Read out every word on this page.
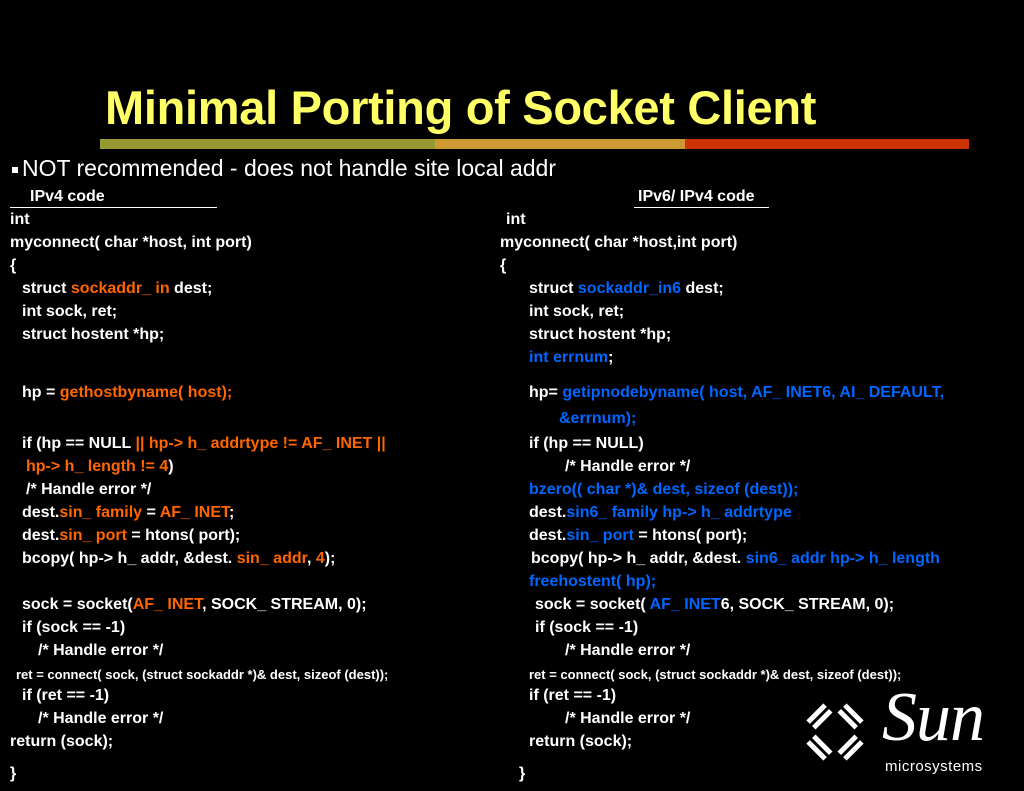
Minimal Porting of Socket Client
NOT recommended - does not handle site local addr
IPv4 code	IPv6/ IPv4 code
int
myconnect( char *host, int port)
{
struct sockaddr_ in dest;
int sock, ret;
struct hostent *hp;
hp = gethostbyname( host);
if (hp == NULL || hp-> h_ addrtype != AF_ INET ||
hp-> h_ length != 4)
/* Handle error */
dest.sin_ family = AF_ INET;
dest.sin_ port = htons( port);
bcopy( hp-> h_ addr, &dest. sin_ addr, 4);
sock = socket(AF_ INET, SOCK_ STREAM, 0);
if (sock == -1)
/* Handle error */
ret = connect( sock, (struct sockaddr *)& dest, sizeof (dest));
if (ret == -1)
/* Handle error */
return (sock);
}
int
myconnect( char *host,int port)
{
struct sockaddr_in6 dest;
int sock, ret;
struct hostent *hp;
int errnum;
hp= getipnodebyname( host, AF_ INET6, AI_ DEFAULT,
&errnum);
if (hp == NULL)
/* Handle error */
bzero(( char *)& dest, sizeof (dest));
dest.sin6_ family hp-> h_ addrtype
dest.sin_ port = htons( port);
bcopy( hp-> h_ addr, &dest. sin6_ addr hp-> h_ length
freehostent( hp);
sock = socket( AF_ INET6, SOCK_ STREAM, 0);
if (sock == -1)
/* Handle error */
ret = connect( sock, (struct sockaddr *)& dest, sizeof (dest));
if (ret == -1)
/* Handle error */
return (sock);
}
Sun
microsystems
